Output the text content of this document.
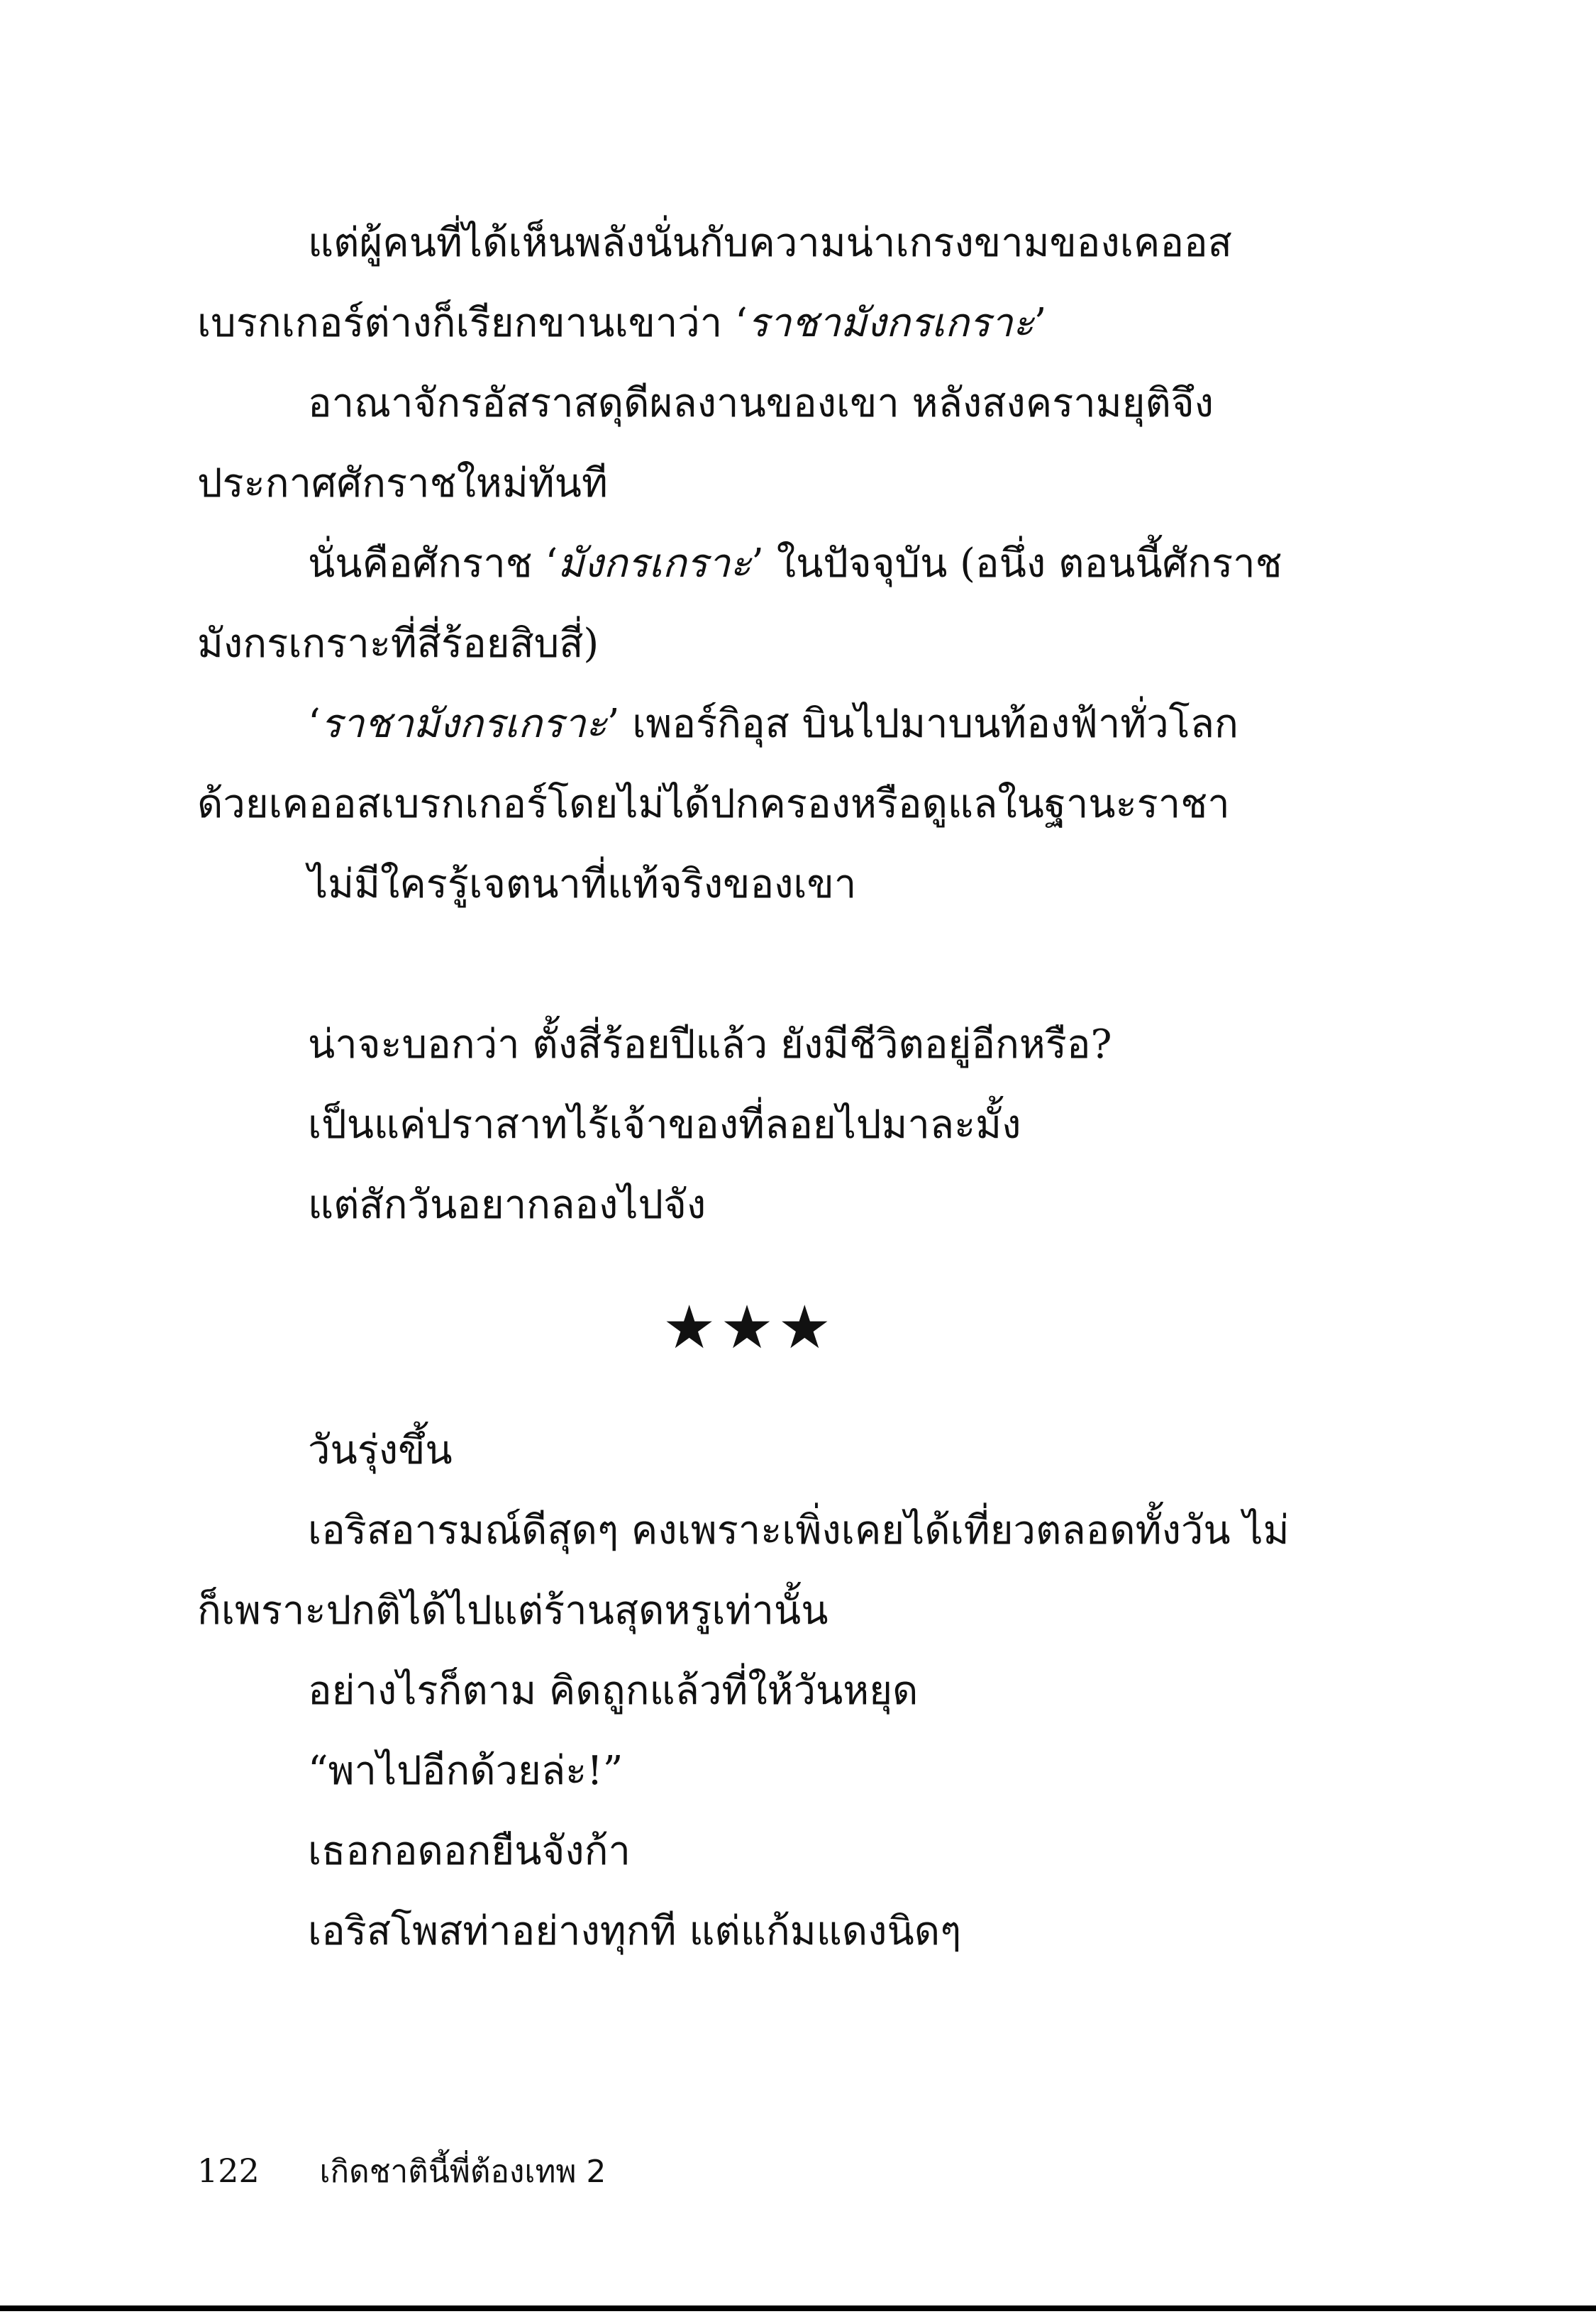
แต่ผู้คนที่ได้เห็นพลังนั่นกับความน่าเกรงขามของเคออสเบรกเกอร์ต่างก็เรียกขานเขาว่า ‘ราชามังกรเกราะ’

อาณาจักรอัสราสดุดีผลงานของเขา หลังสงครามยุติจึงประกาศศักราชใหม่ทันที

นั่นคือศักราช ‘มังกรเกราะ’ ในปัจจุบัน (อนึ่ง ตอนนี้ศักราชมังกรเกราะที่สี่ร้อยสิบสี่)

‘ราชามังกรเกราะ’ เพอร์กิอุส บินไปมาบนท้องฟ้าทั่วโลกด้วยเคออสเบรกเกอร์โดยไม่ได้ปกครองหรือดูแลในฐานะราชา

ไม่มีใครรู้เจตนาที่แท้จริงของเขา

น่าจะบอกว่า ตั้งสี่ร้อยปีแล้ว ยังมีชีวิตอยู่อีกหรือ?

เป็นแค่ปราสาทไร้เจ้าของที่ลอยไปมาละมั้ง

แต่สักวันอยากลองไปจัง

★★★

วันรุ่งขึ้น

เอริสอารมณ์ดีสุดๆ คงเพราะเพิ่งเคยได้เที่ยวตลอดทั้งวัน ไม่ก็เพราะปกติได้ไปแต่ร้านสุดหรูเท่านั้น

อย่างไรก็ตาม คิดถูกแล้วที่ให้วันหยุด

“พาไปอีกด้วยล่ะ!”

เธอกอดอกยืนจังก้า

เอริสโพสท่าอย่างทุกที แต่แก้มแดงนิดๆ

122 เกิดชาตินี้พี่ต้องเทพ 2
